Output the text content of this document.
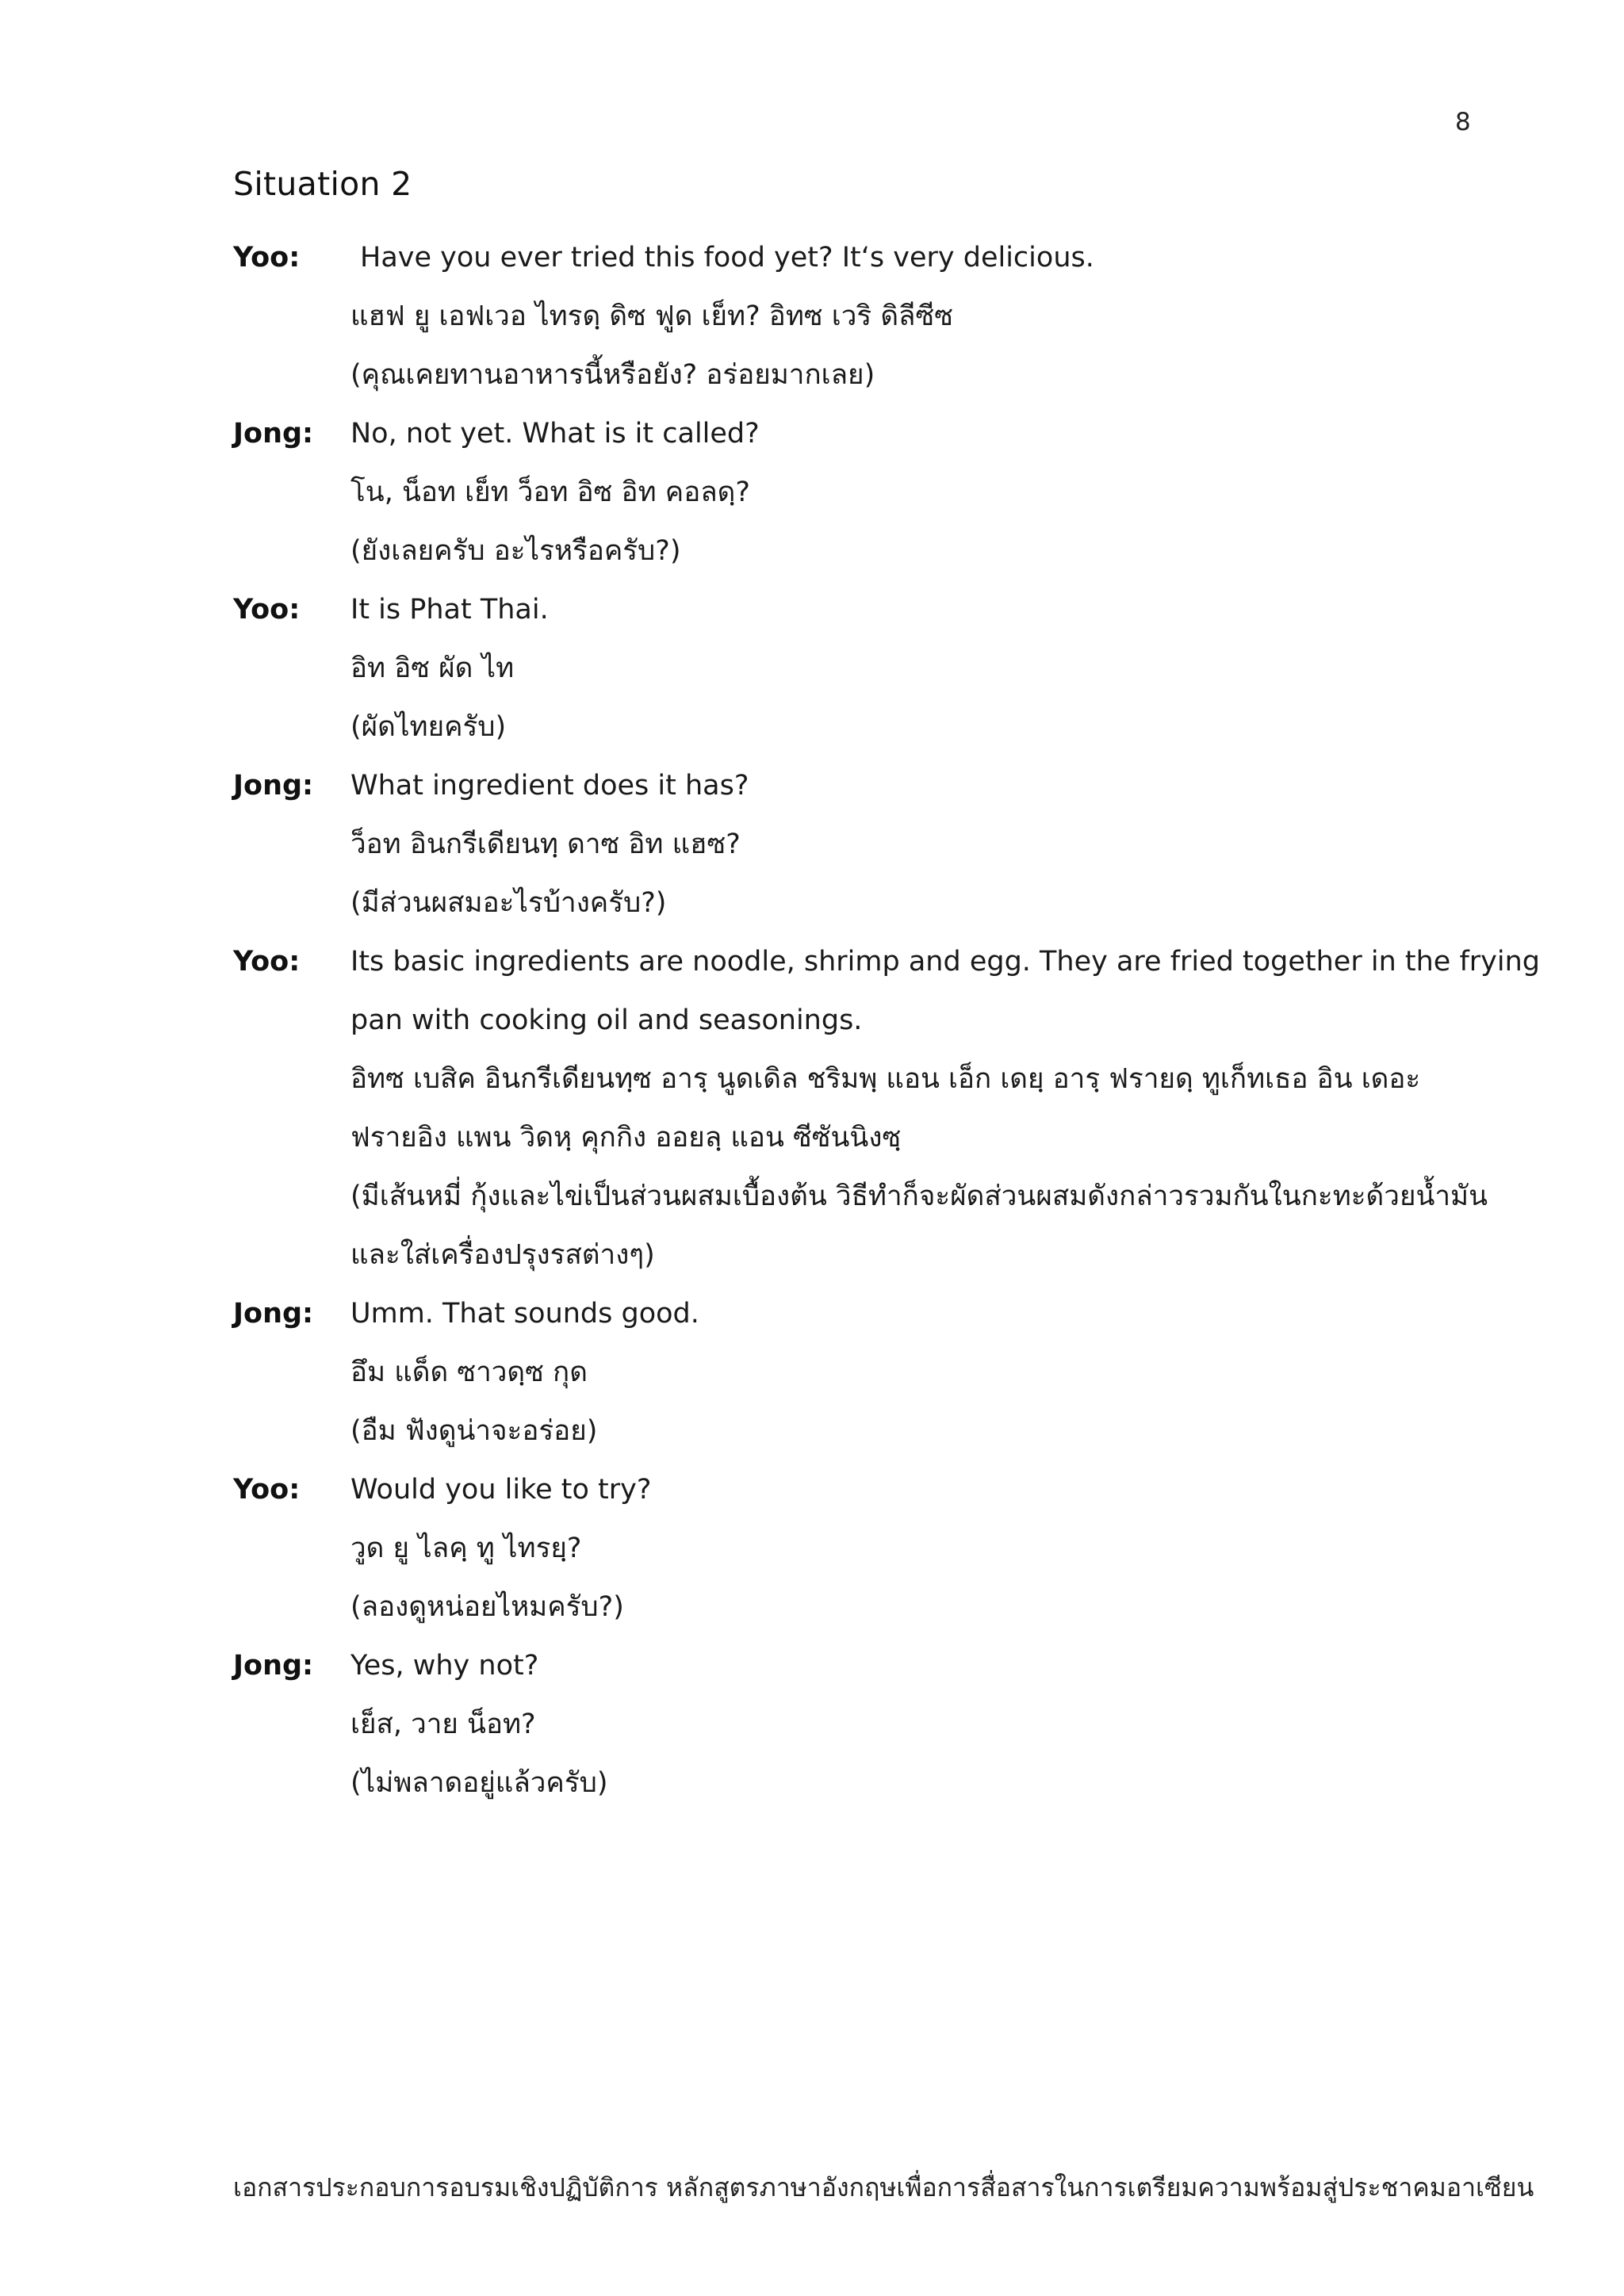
8
Situation 2
Yoo:	Have you ever tried this food yet? It‘s very delicious.
แฮฟ ยู เอฟเวอ ไทรดฺ ดิซ ฟูด เย็ท? อิทซ เวริ ดิลีซีซ
(คุณเคยทานอาหารนี้หรือยัง? อร่อยมากเลย)
Jong:	No, not yet. What is it called?
โน, น็อท เย็ท ว็อท อิซ อิท คอลดฺ?
(ยังเลยครับ อะไรหรือครับ?)
Yoo:	It is Phat Thai.
อิท อิซ ผัด ไท
(ผัดไทยครับ)
Jong:	What ingredient does it has?
ว็อท อินกรีเดียนทฺ ดาซ อิท แฮซ?
(มีส่วนผสมอะไรบ้างครับ?)
Yoo:	Its basic ingredients are noodle, shrimp and egg. They are fried together in the frying
pan with cooking oil and seasonings.
อิทซ เบสิค อินกรีเดียนทฺซ อารฺ นูดเดิล ชริมพฺ แอน เอ็ก เดยฺ อารฺ ฟรายดฺ ทูเก็ทเธอ อิน เดอะ
ฟรายอิง แพน วิดหฺ คุกกิง ออยลฺ แอน ซีซันนิงซฺ
(มีเส้นหมี่ กุ้งและไข่เป็นส่วนผสมเบื้องต้น วิธีทำก็จะผัดส่วนผสมดังกล่าวรวมกันในกะทะด้วยน้ำมัน
และใส่เครื่องปรุงรสต่างๆ)
Jong:	Umm. That sounds good.
อึม แด็ด ซาวดฺซ กุด
(อืม ฟังดูน่าจะอร่อย)
Yoo:	Would you like to try?
วูด ยู ไลคฺ ทู ไทรยฺ?
(ลองดูหน่อยไหมครับ?)
Jong:	Yes, why not?
เย็ส, วาย น็อท?
(ไม่พลาดอยู่แล้วครับ)
เอกสารประกอบการอบรมเชิงปฏิบัติการ หลักสูตรภาษาอังกฤษเพื่อการสื่อสารในการเตรียมความพร้อมสู่ประชาคมอาเซียน
